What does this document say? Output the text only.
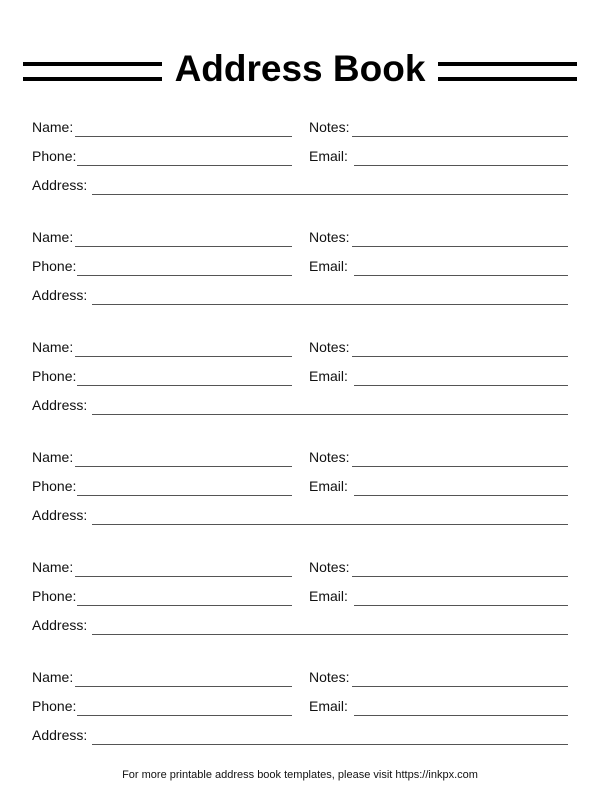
Address Book
Name:	Notes:
Phone:	Email:
Address:
Name:	Notes:
Phone:	Email:
Address:
Name:	Notes:
Phone:	Email:
Address:
Name:	Notes:
Phone:	Email:
Address:
Name:	Notes:
Phone:	Email:
Address:
Name:	Notes:
Phone:	Email:
Address:
For more printable address book templates, please visit https://inkpx.com
